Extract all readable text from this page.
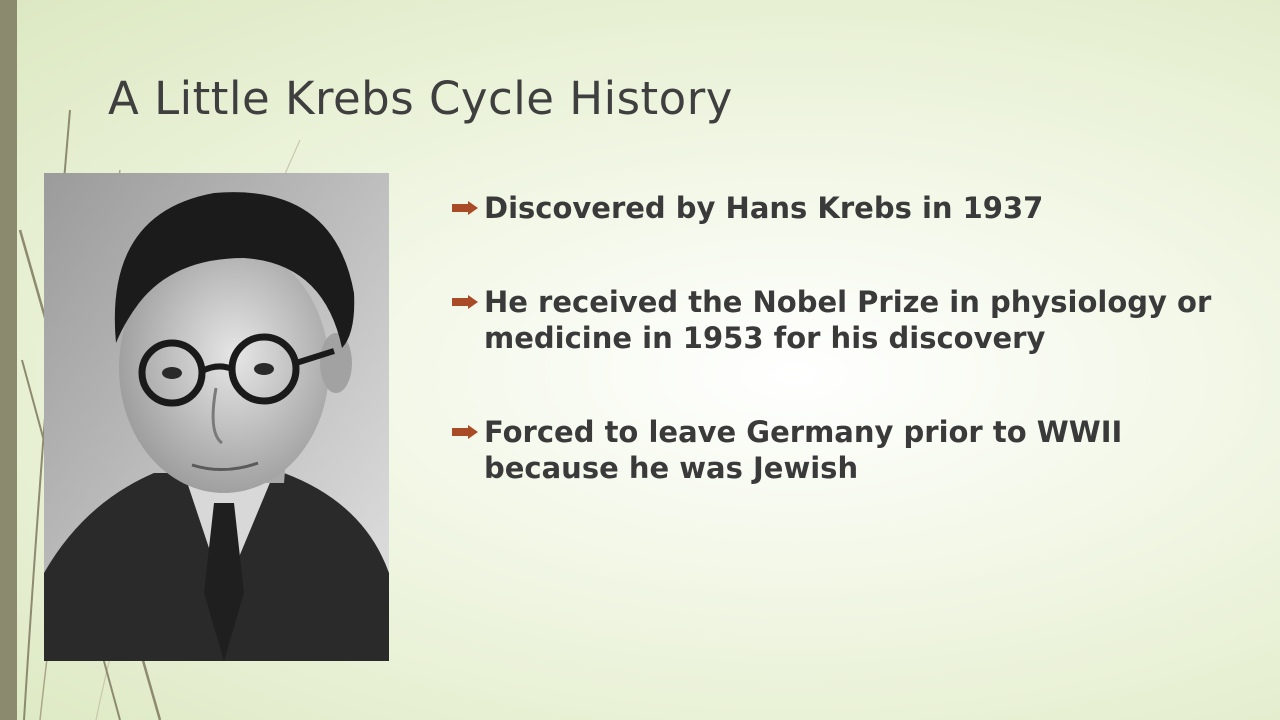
A Little Krebs Cycle History
Discovered by Hans Krebs in 1937
He received the Nobel Prize in physiology or medicine in 1953 for his discovery
Forced to leave Germany prior to WWII because he was Jewish
